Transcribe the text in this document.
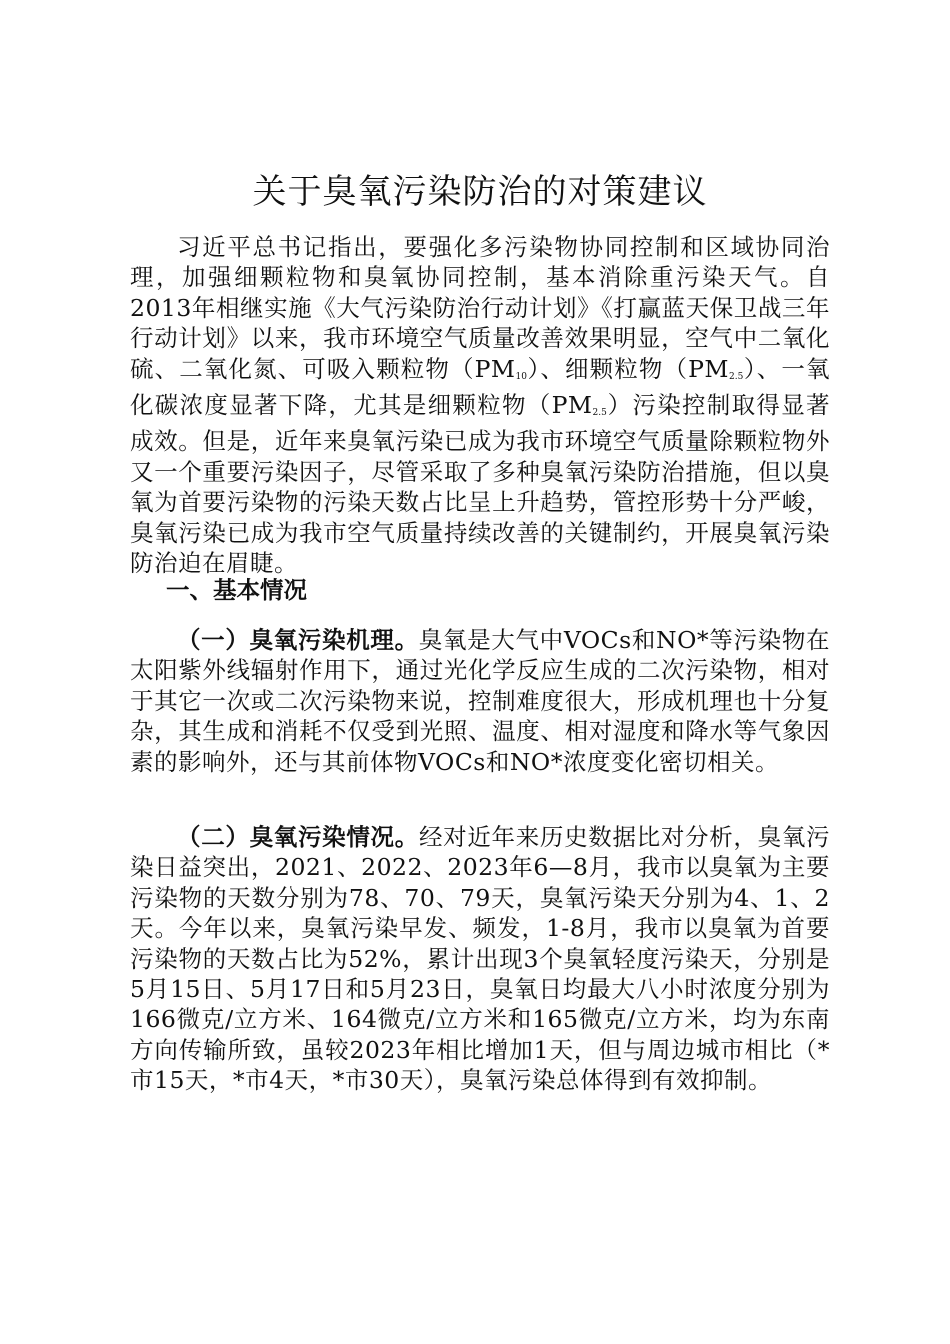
关于臭氧污染防治的对策建议

习近平总书记指出，要强化多污染物协同控制和区域协同治理，加强细颗粒物和臭氧协同控制，基本消除重污染天气。自2013年相继实施《大气污染防治行动计划》《打赢蓝天保卫战三年行动计划》以来，我市环境空气质量改善效果明显，空气中二氧化硫、二氧化氮、可吸入颗粒物$(PM_{10})$、细颗粒物$(PM_{2.5})$、一氧化碳浓度显著下降，尤其是细颗粒物$(PM_{2.5})$污染控制取得显著成效。但是，近年来臭氧污染已成为我市环境空气质量除颗粒物外又一个重要污染因子，尽管采取了多种臭氧污染防治措施，但以臭氧为首要污染物的污染天数占比呈上升趋势，管控形势十分严峻，臭氧污染已成为我市空气质量持续改善的关键制约，开展臭氧污染防治迫在眉睫。

一、基本情况

（一）臭氧污染机理。臭氧是大气中VOCs和NO*等污染物在太阳紫外线辐射作用下，通过光化学反应生成的二次污染物，相对于其它一次或二次污染物来说，控制难度很大，形成机理也十分复杂，其生成和消耗不仅受到光照、温度、相对湿度和降水等气象因素的影响外，还与其前体物VOCs和NO*浓度变化密切相关。

（二）臭氧污染情况。经对近年来历史数据比对分析，臭氧污染日益突出，2021、2022、2023年6—8月，我市以臭氧为主要污染物的天数分别为78、70、79天，臭氧污染天分别为4、1、2天。今年以来，臭氧污染早发、频发，1-8月，我市以臭氧为首要污染物的天数占比为52%，累计出现3个臭氧轻度污染天，分别是5月15日、5月17日和5月23日，臭氧日均最大八小时浓度分别为166微克/立方米、164微克/立方米和165微克/立方米，均为东南方向传输所致，虽较2023年相比增加1天，但与周边城市相比（*市15天，*市4天，*市30天），臭氧污染总体得到有效抑制。
